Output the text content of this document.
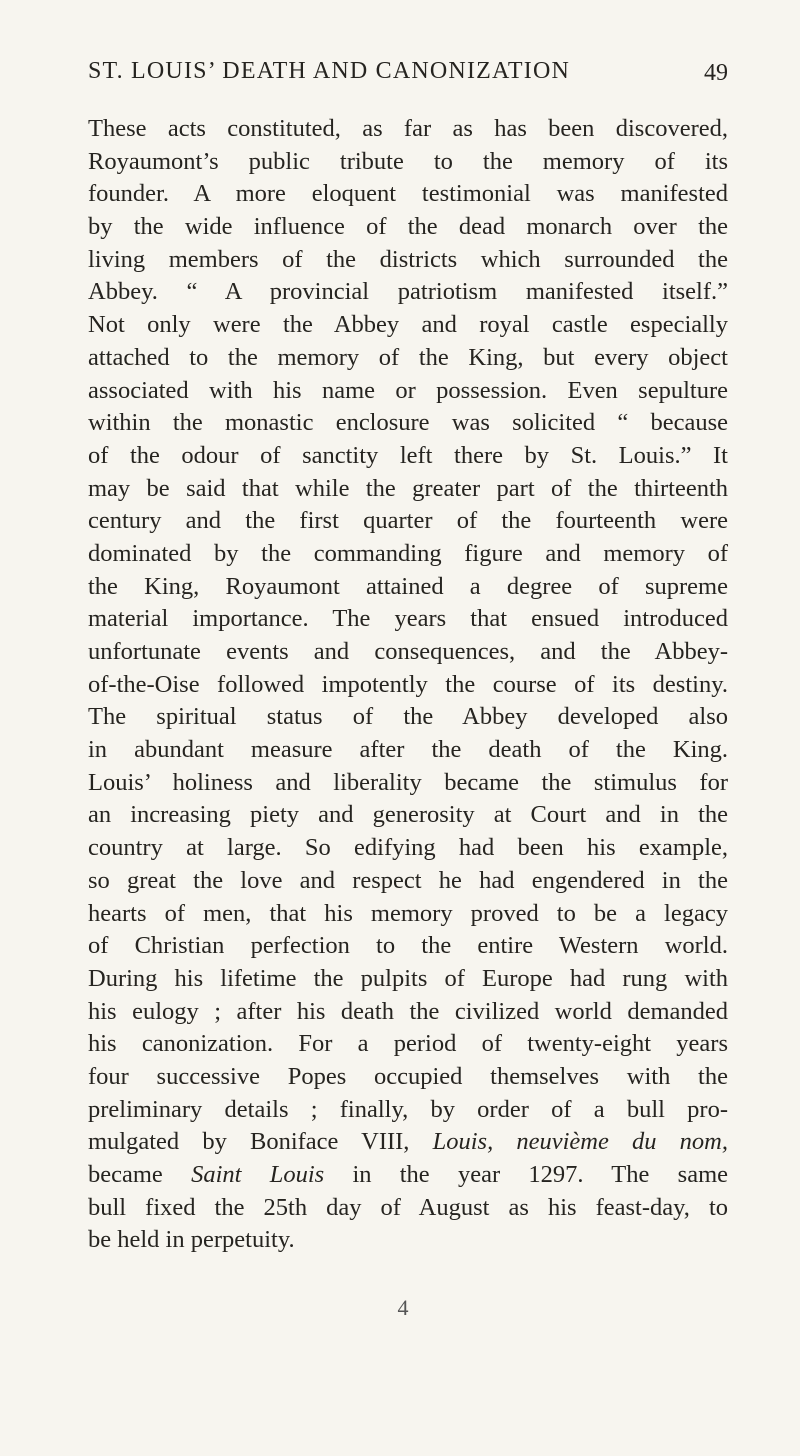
ST. LOUIS’ DEATH AND CANONIZATION	49
These acts constituted, as far as has been discovered,
Royaumont’s public tribute to the memory of its
founder. A more eloquent testimonial was manifested
by the wide influence of the dead monarch over the
living members of the districts which surrounded the
Abbey. “ A provincial patriotism manifested itself.”
Not only were the Abbey and royal castle especially
attached to the memory of the King, but every object
associated with his name or possession. Even sepulture
within the monastic enclosure was solicited “ because
of the odour of sanctity left there by St. Louis.” It
may be said that while the greater part of the thirteenth
century and the first quarter of the fourteenth were
dominated by the commanding figure and memory of
the King, Royaumont attained a degree of supreme
material importance. The years that ensued introduced
unfortunate events and consequences, and the Abbey-
of-the-Oise followed impotently the course of its destiny.
The spiritual status of the Abbey developed also
in abundant measure after the death of the King.
Louis’ holiness and liberality became the stimulus for
an increasing piety and generosity at Court and in the
country at large. So edifying had been his example,
so great the love and respect he had engendered in the
hearts of men, that his memory proved to be a legacy
of Christian perfection to the entire Western world.
During his lifetime the pulpits of Europe had rung with
his eulogy ; after his death the civilized world demanded
his canonization. For a period of twenty-eight years
four successive Popes occupied themselves with the
preliminary details ; finally, by order of a bull pro-
mulgated by Boniface VIII, Louis, neuvième du nom,
became Saint Louis in the year 1297. The same
bull fixed the 25th day of August as his feast-day, to
be held in perpetuity.
4
